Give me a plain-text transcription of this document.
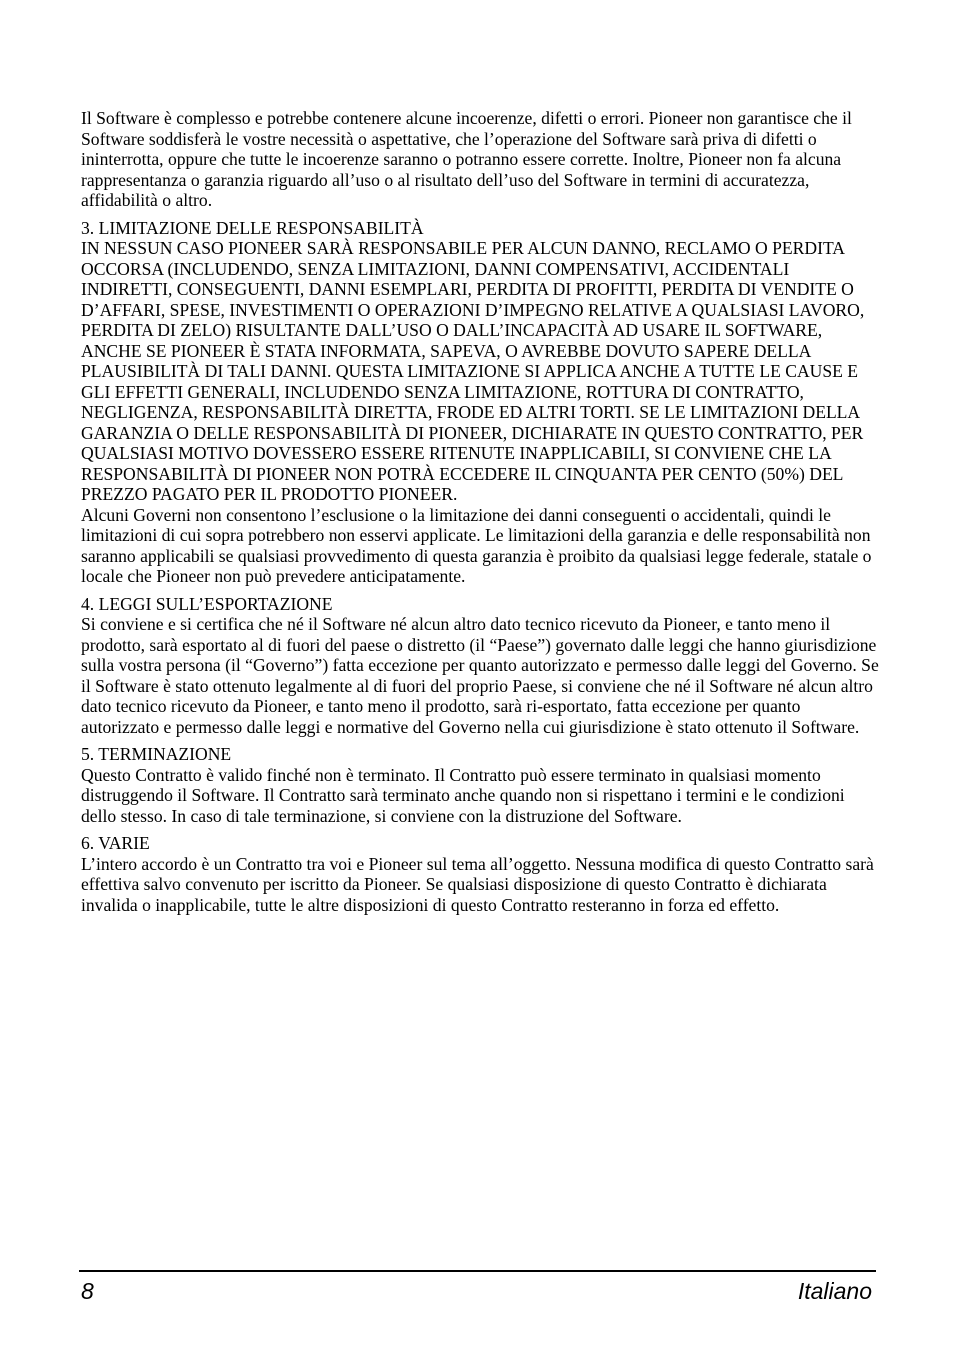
Il Software è complesso e potrebbe contenere alcune incoerenze, difetti o errori. Pioneer non garantisce che il Software soddisferà le vostre necessità o aspettative, che l’operazione del Software sarà priva di difetti o ininterrotta, oppure che tutte le incoerenze saranno o potranno essere corrette. Inoltre, Pioneer non fa alcuna rappresentanza o garanzia riguardo all’uso o al risultato dell’uso del Software in termini di accuratezza, affidabilità o altro.

3. LIMITAZIONE DELLE RESPONSABILITÀ

IN NESSUN CASO PIONEER SARÀ RESPONSABILE PER ALCUN DANNO, RECLAMO O PERDITA OCCORSA (INCLUDENDO, SENZA LIMITAZIONI, DANNI COMPENSATIVI, ACCIDENTALI INDIRETTI, CONSEGUENTI, DANNI ESEMPLARI, PERDITA DI PROFITTI, PERDITA DI VENDITE O D’AFFARI, SPESE, INVESTIMENTI O OPERAZIONI D’IMPEGNO RELATIVE A QUALSIASI LAVORO, PERDITA DI ZELO) RISULTANTE DALL’USO O DALL’INCAPACITÀ AD USARE IL SOFTWARE, ANCHE SE PIONEER È STATA INFORMATA, SAPEVA, O AVREBBE DOVUTO SAPERE DELLA PLAUSIBILITÀ DI TALI DANNI. QUESTA LIMITAZIONE SI APPLICA ANCHE A TUTTE LE CAUSE E GLI EFFETTI GENERALI, INCLUDENDO SENZA LIMITAZIONE, ROTTURA DI CONTRATTO, NEGLIGENZA, RESPONSABILITÀ DIRETTA, FRODE ED ALTRI TORTI. SE LE LIMITAZIONI DELLA GARANZIA O DELLE RESPONSABILITÀ DI PIONEER, DICHIARATE IN QUESTO CONTRATTO, PER QUALSIASI MOTIVO DOVESSERO ESSERE RITENUTE INAPPLICABILI, SI CONVIENE CHE LA RESPONSABILITÀ DI PIONEER NON POTRÀ ECCEDERE IL CINQUANTA PER CENTO (50%) DEL PREZZO PAGATO PER IL PRODOTTO PIONEER.

Alcuni Governi non consentono l’esclusione o la limitazione dei danni conseguenti o accidentali, quindi le limitazioni di cui sopra potrebbero non esservi applicate. Le limitazioni della garanzia e delle responsabilità non saranno applicabili se qualsiasi provvedimento di questa garanzia è proibito da qualsiasi legge federale, statale o locale che Pioneer non può prevedere anticipatamente.

4. LEGGI SULL’ESPORTAZIONE

Si conviene e si certifica che né il Software né alcun altro dato tecnico ricevuto da Pioneer, e tanto meno il prodotto, sarà esportato al di fuori del paese o distretto (il “Paese”) governato dalle leggi che hanno giurisdizione sulla vostra persona (il “Governo”) fatta eccezione per quanto autorizzato e permesso dalle leggi del Governo. Se il Software è stato ottenuto legalmente al di fuori del proprio Paese, si conviene che né il Software né alcun altro dato tecnico ricevuto da Pioneer, e tanto meno il prodotto, sarà ri-esportato, fatta eccezione per quanto autorizzato e permesso dalle leggi e normative del Governo nella cui giurisdizione è stato ottenuto il Software.

5. TERMINAZIONE

Questo Contratto è valido finché non è terminato. Il Contratto può essere terminato in qualsiasi momento distruggendo il Software. Il Contratto sarà terminato anche quando non si rispettano i termini e le condizioni dello stesso. In caso di tale terminazione, si conviene con la distruzione del Software.

6. VARIE

L’intero accordo è un Contratto tra voi e Pioneer sul tema all’oggetto. Nessuna modifica di questo Contratto sarà effettiva salvo convenuto per iscritto da Pioneer. Se qualsiasi disposizione di questo Contratto è dichiarata invalida o inapplicabile, tutte le altre disposizioni di questo Contratto resteranno in forza ed effetto.

8	Italiano
